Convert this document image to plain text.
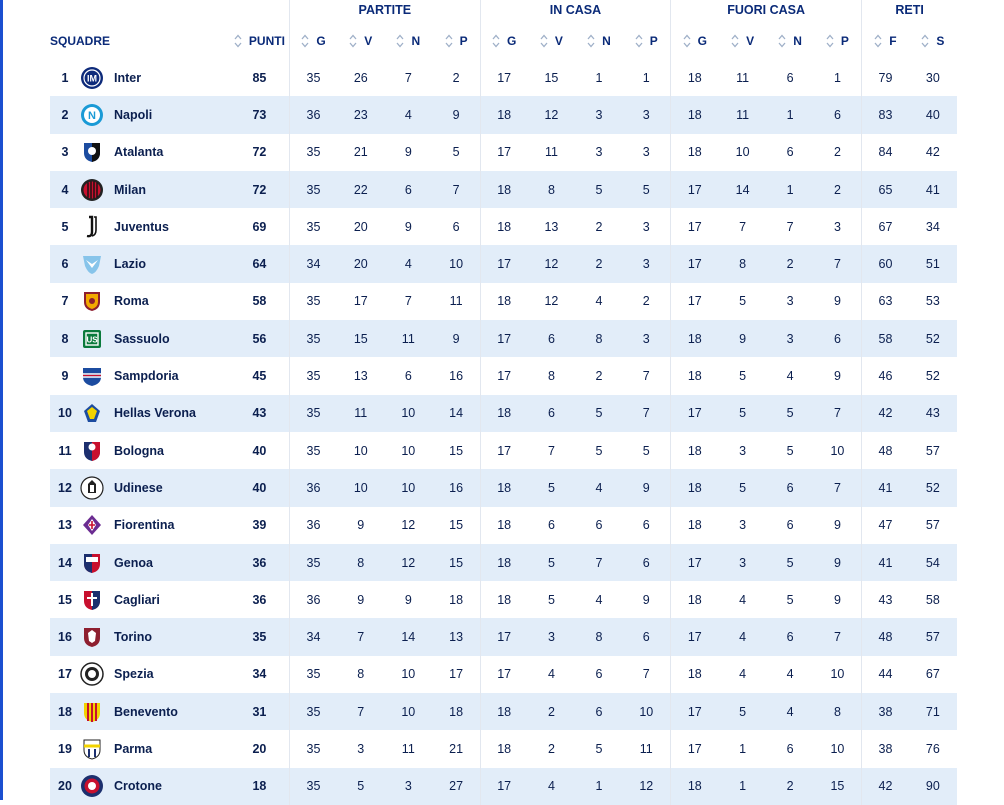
			PARTITE				IN CASA				FUORI CASA				RETI	
SQUADRE		PUNTI	G	V	N	P	G	V	N	P	G	V	N	P	F	S
1	IM Inter	85	35	26	7	2	17	15	1	1	18	11	6	1	79	30
2	N Napoli	73	36	23	4	9	18	12	3	3	18	11	1	6	83	40
3	Atalanta	72	35	21	9	5	17	11	3	3	18	10	6	2	84	42
4	Milan	72	35	22	6	7	18	8	5	5	17	14	1	2	65	41
5	Juventus	69	35	20	9	6	18	13	2	3	17	7	7	3	67	34
6	Lazio	64	34	20	4	10	17	12	2	3	17	8	2	7	60	51
7	Roma	58	35	17	7	11	18	12	4	2	17	5	3	9	63	53
8	US Sassuolo	56	35	15	11	9	17	6	8	3	18	9	3	6	58	52
9	Sampdoria	45	35	13	6	16	17	8	2	7	18	5	4	9	46	52
10	Hellas Verona	43	35	11	10	14	18	6	5	7	17	5	5	7	42	43
11	Bologna	40	35	10	10	15	17	7	5	5	18	3	5	10	48	57
12	Udinese	40	36	10	10	16	18	5	4	9	18	5	6	7	41	52
13	Fiorentina	39	36	9	12	15	18	6	6	6	18	3	6	9	47	57
14	Genoa	36	35	8	12	15	18	5	7	6	17	3	5	9	41	54
15	Cagliari	36	36	9	9	18	18	5	4	9	18	4	5	9	43	58
16	Torino	35	34	7	14	13	17	3	8	6	17	4	6	7	48	57
17	Spezia	34	35	8	10	17	17	4	6	7	18	4	4	10	44	67
18	Benevento	31	35	7	10	18	18	2	6	10	17	5	4	8	38	71
19	Parma	20	35	3	11	21	18	2	5	11	17	1	6	10	38	76
20	Crotone	18	35	5	3	27	17	4	1	12	18	1	2	15	42	90
